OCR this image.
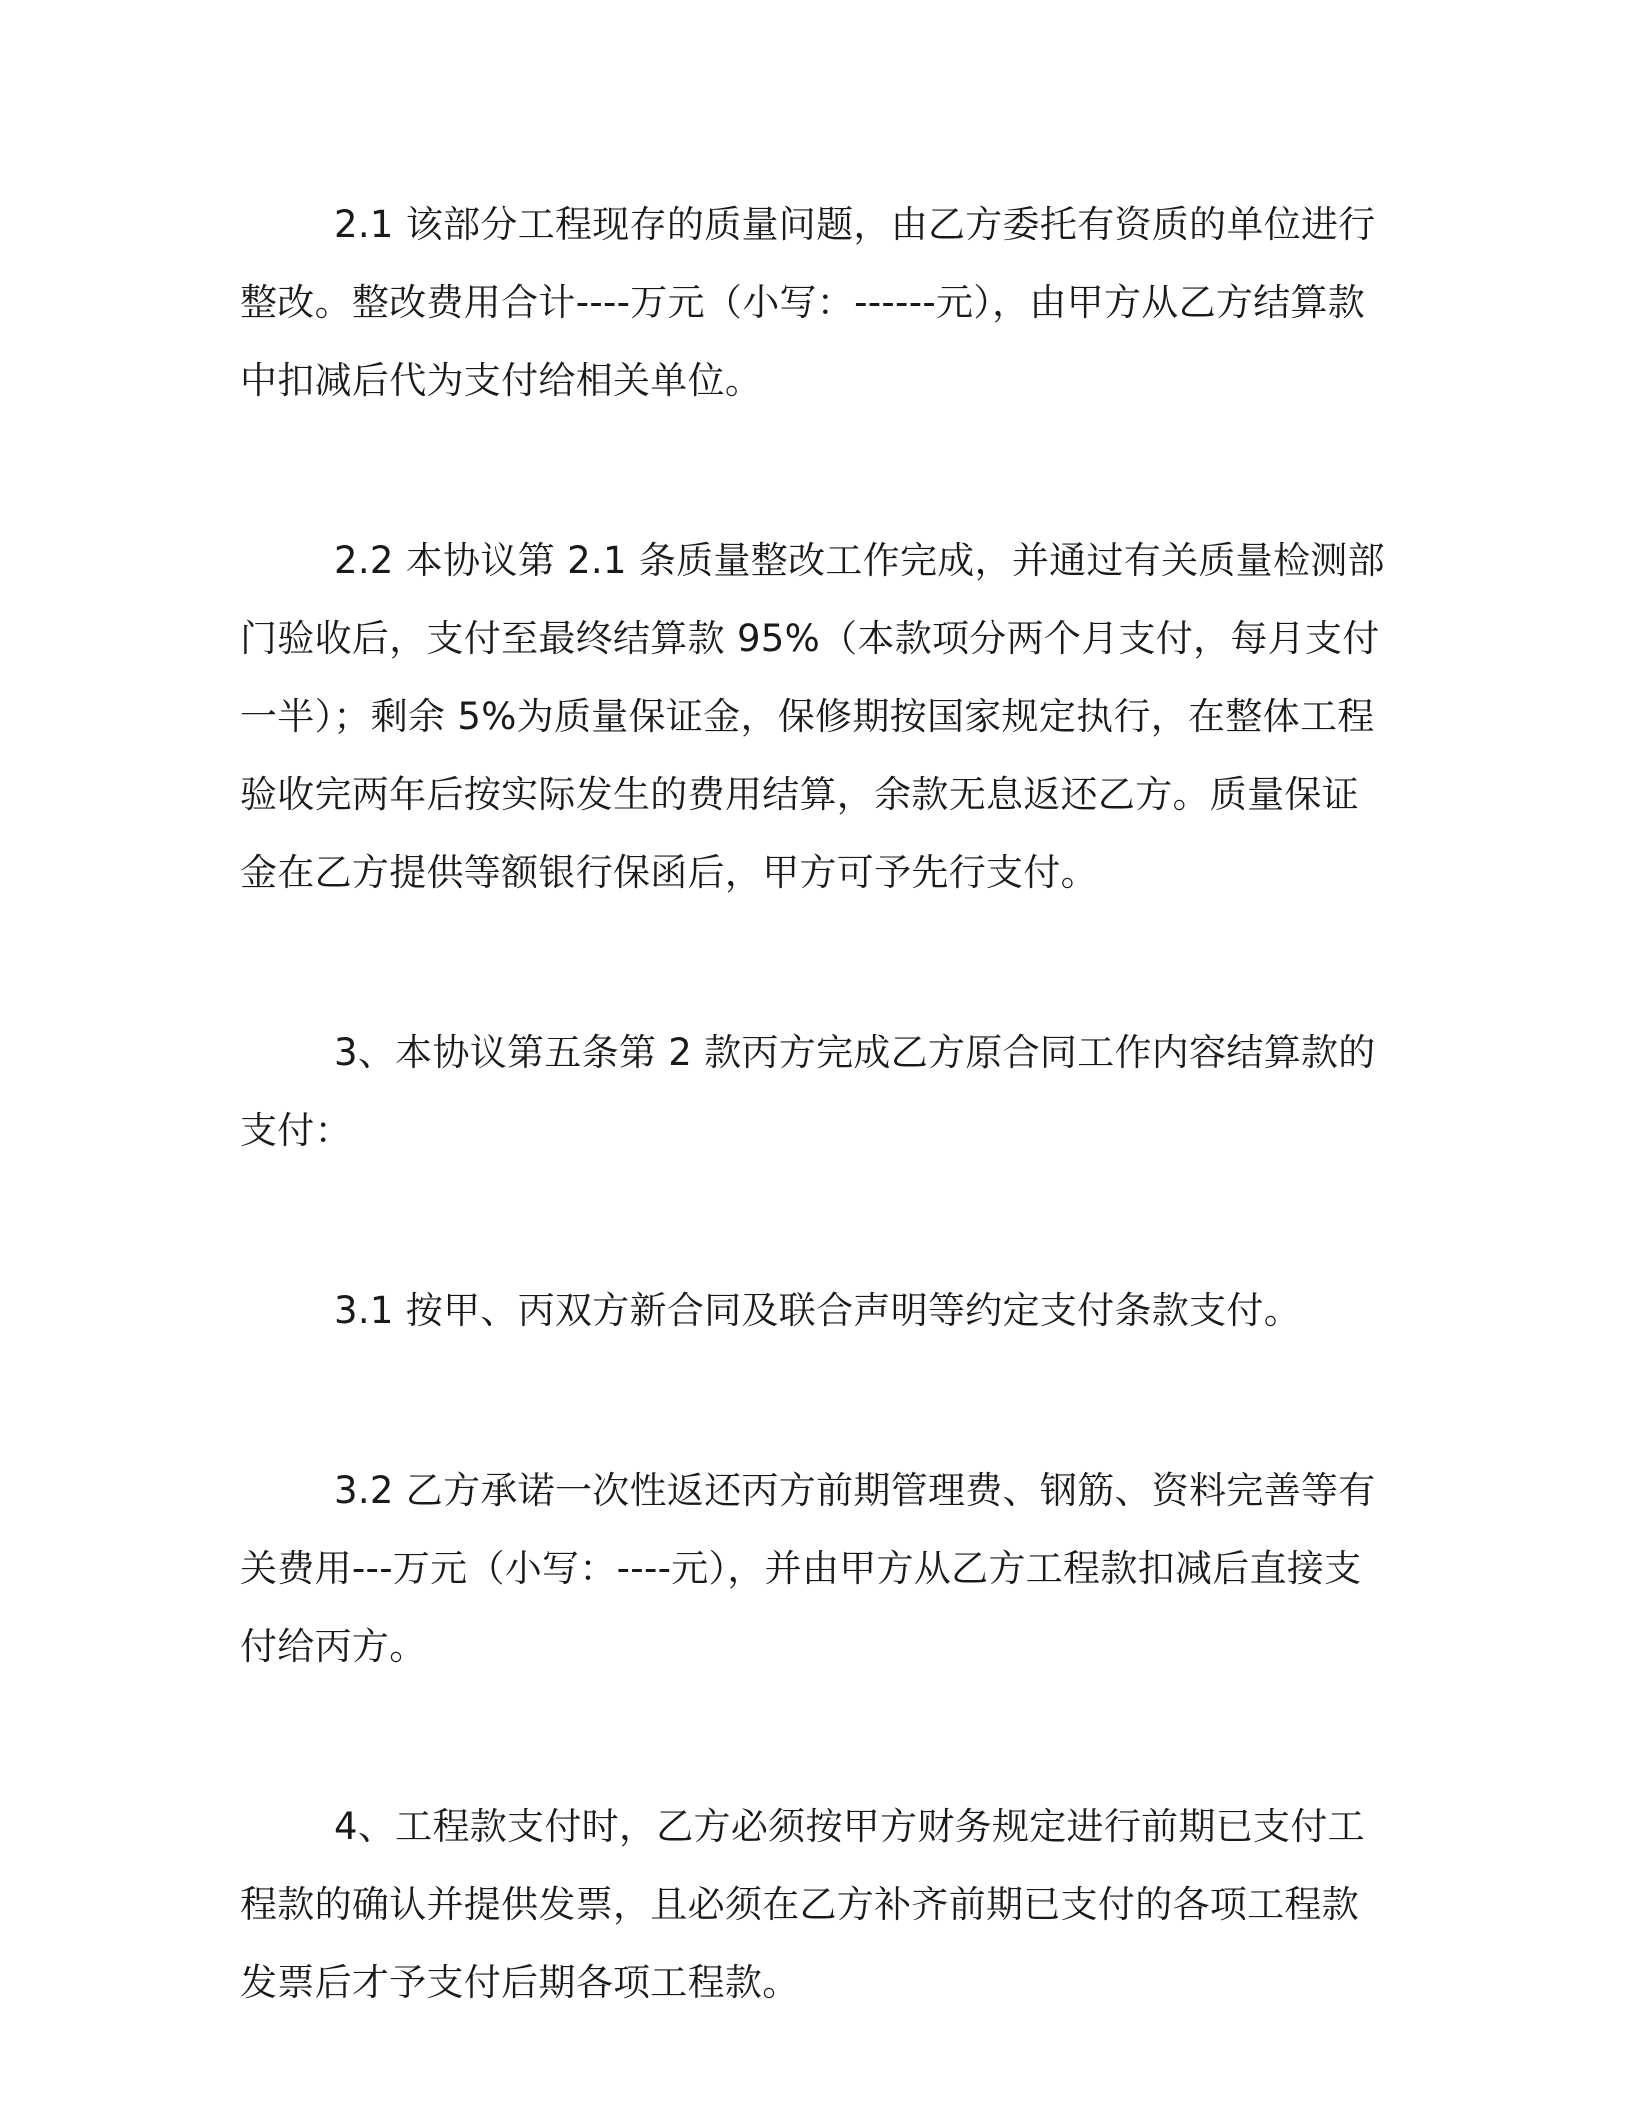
2.1 该部分工程现存的质量问题，由乙方委托有资质的单位进行
整改。整改费用合计----万元（小写：------元），由甲方从乙方结算款
中扣减后代为支付给相关单位。
2.2 本协议第 2.1 条质量整改工作完成，并通过有关质量检测部
门验收后，支付至最终结算款 95%（本款项分两个月支付，每月支付
一半）；剩余 5%为质量保证金，保修期按国家规定执行，在整体工程
验收完两年后按实际发生的费用结算，余款无息返还乙方。质量保证
金在乙方提供等额银行保函后，甲方可予先行支付。
3、本协议第五条第 2 款丙方完成乙方原合同工作内容结算款的
支付：
3.1 按甲、丙双方新合同及联合声明等约定支付条款支付。
3.2 乙方承诺一次性返还丙方前期管理费、钢筋、资料完善等有
关费用---万元（小写：----元），并由甲方从乙方工程款扣减后直接支
付给丙方。
4、工程款支付时，乙方必须按甲方财务规定进行前期已支付工
程款的确认并提供发票，且必须在乙方补齐前期已支付的各项工程款
发票后才予支付后期各项工程款。
